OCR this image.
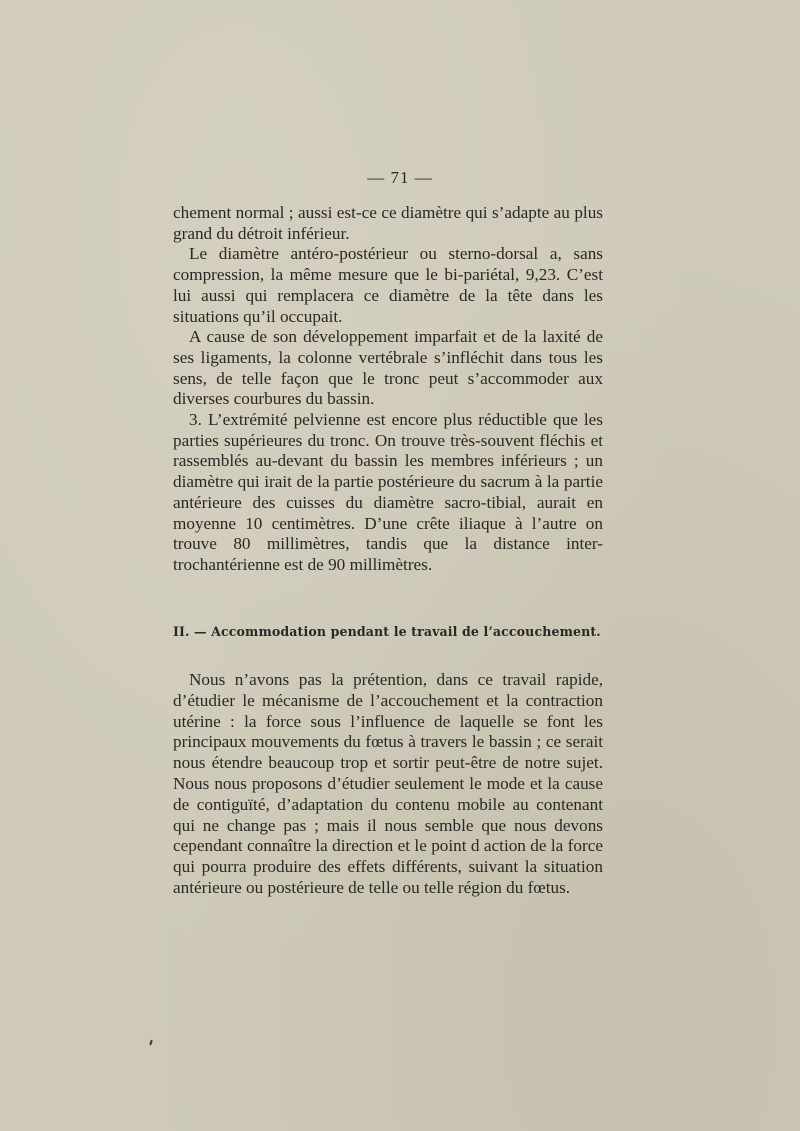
— 71 —

chement normal ; aussi est-ce ce diamètre qui s’adapte au plus grand du détroit inférieur.

Le diamètre antéro-postérieur ou sterno-dorsal a, sans compression, la même mesure que le bi-pariétal, 9,23. C’est lui aussi qui remplacera ce diamètre de la tête dans les situations qu’il occupait.

A cause de son développement imparfait et de la laxité de ses ligaments, la colonne vertébrale s’infléchit dans tous les sens, de telle façon que le tronc peut s’accommoder aux diverses courbures du bassin.

3. L’extrémité pelvienne est encore plus réductible que les parties supérieures du tronc. On trouve très-souvent fléchis et rassemblés au-devant du bassin les membres inférieurs ; un diamètre qui irait de la partie postérieure du sacrum à la partie antérieure des cuisses du diamètre sacro-tibial, aurait en moyenne 10 centimètres. D’une crête iliaque à l’autre on trouve 80 millimètres, tandis que la distance inter-trochantérienne est de 90 millimètres.

II. — Accommodation pendant le travail de l’accouchement.

Nous n’avons pas la prétention, dans ce travail rapide, d’étudier le mécanisme de l’accouchement et la contraction utérine : la force sous l’influence de laquelle se font les principaux mouvements du fœtus à travers le bassin ; ce serait nous étendre beaucoup trop et sortir peut-être de notre sujet. Nous nous proposons d’étudier seulement le mode et la cause de contiguïté, d’adaptation du contenu mobile au contenant qui ne change pas ; mais il nous semble que nous devons cependant connaître la direction et le point d action de la force qui pourra produire des effets différents, suivant la situation antérieure ou postérieure de telle ou telle région du fœtus.
